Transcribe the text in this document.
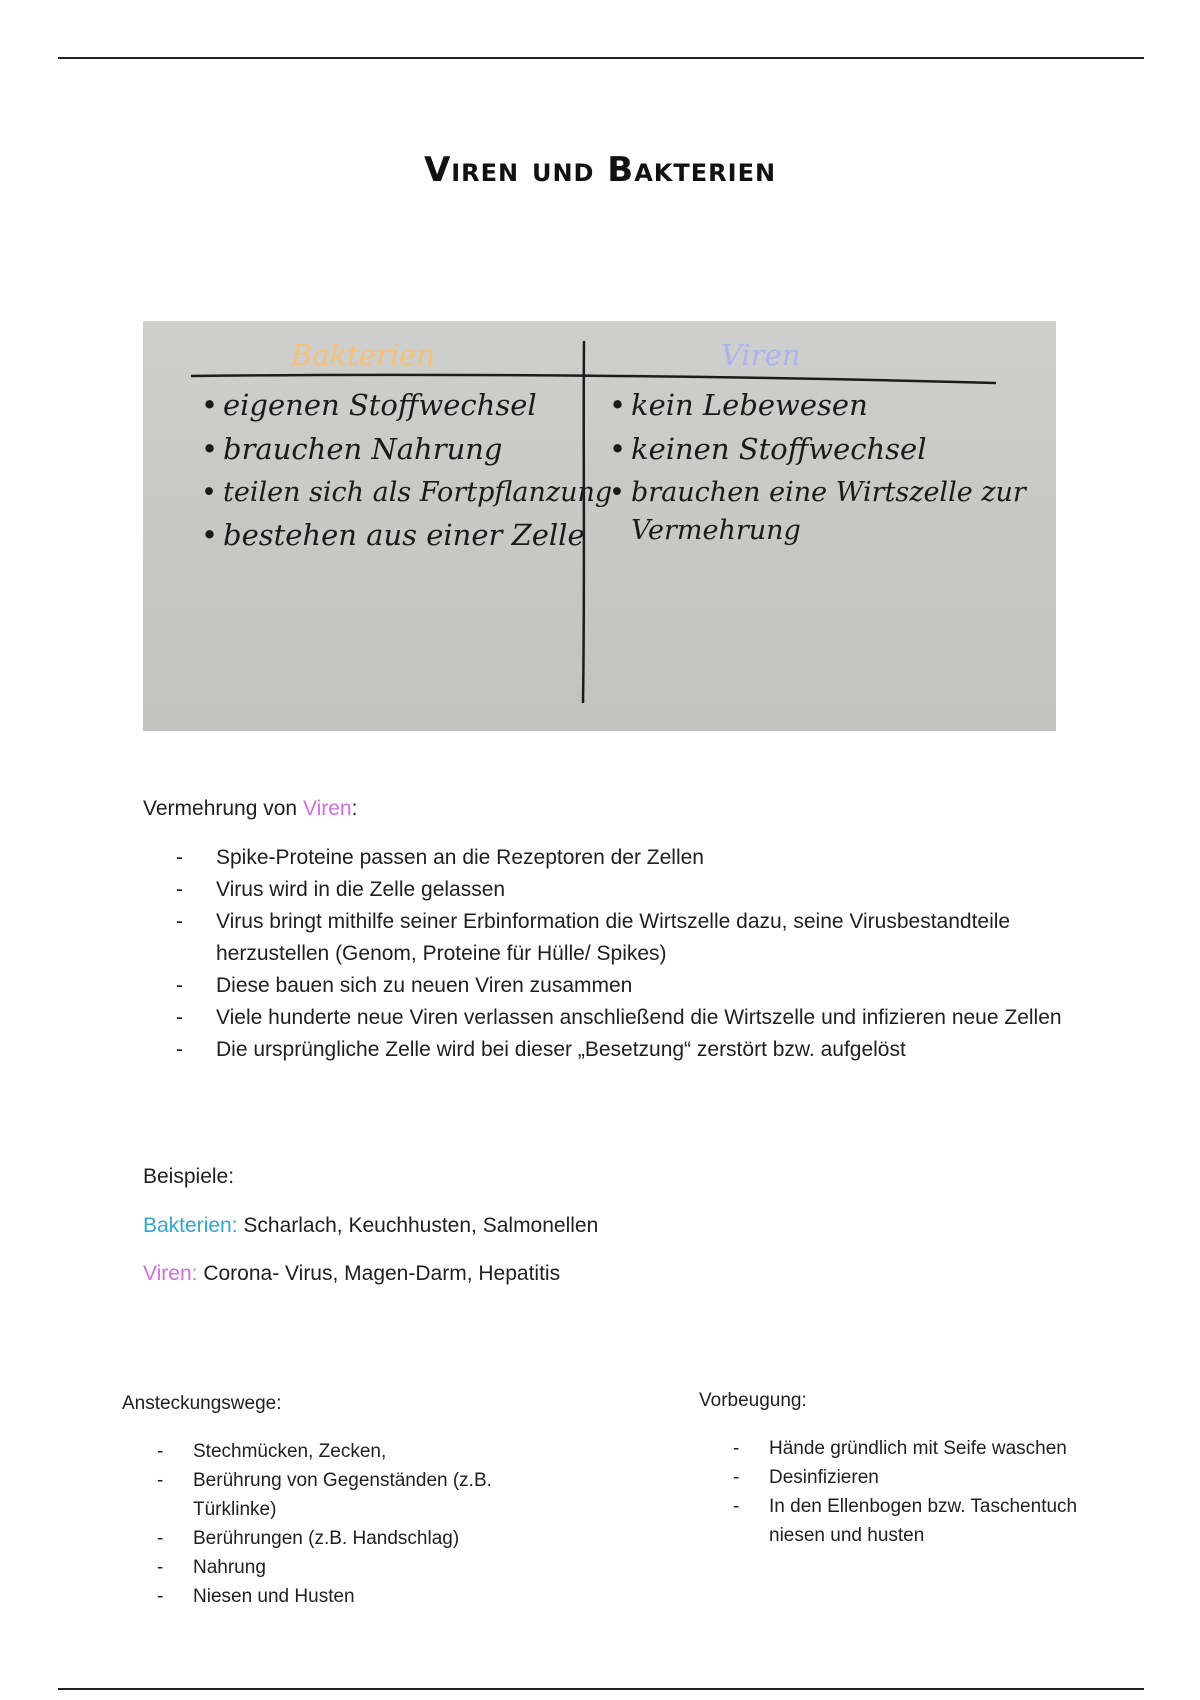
Viren und Bakterien
Bakterien	Viren
• eigenen Stoffwechsel
• brauchen Nahrung
• teilen sich als Fortpflanzung
• bestehen aus einer Zelle
• kein Lebewesen
• keinen Stoffwechsel
• brauchen eine Wirtszelle zur
Vermehrung
Vermehrung von Viren:
- Spike-Proteine passen an die Rezeptoren der Zellen
- Virus wird in die Zelle gelassen
- Virus bringt mithilfe seiner Erbinformation die Wirtszelle dazu, seine Virusbestandteile herzustellen (Genom, Proteine für Hülle/ Spikes)
- Diese bauen sich zu neuen Viren zusammen
- Viele hunderte neue Viren verlassen anschließend die Wirtszelle und infizieren neue Zellen
- Die ursprüngliche Zelle wird bei dieser „Besetzung“ zerstört bzw. aufgelöst
Beispiele:
Bakterien: Scharlach, Keuchhusten, Salmonellen
Viren: Corona- Virus, Magen-Darm, Hepatitis
Ansteckungswege:
- Stechmücken, Zecken,
- Berührung von Gegenständen (z.B. Türklinke)
- Berührungen (z.B. Handschlag)
- Nahrung
- Niesen und Husten
Vorbeugung:
- Hände gründlich mit Seife waschen
- Desinfizieren
- In den Ellenbogen bzw. Taschentuch niesen und husten
